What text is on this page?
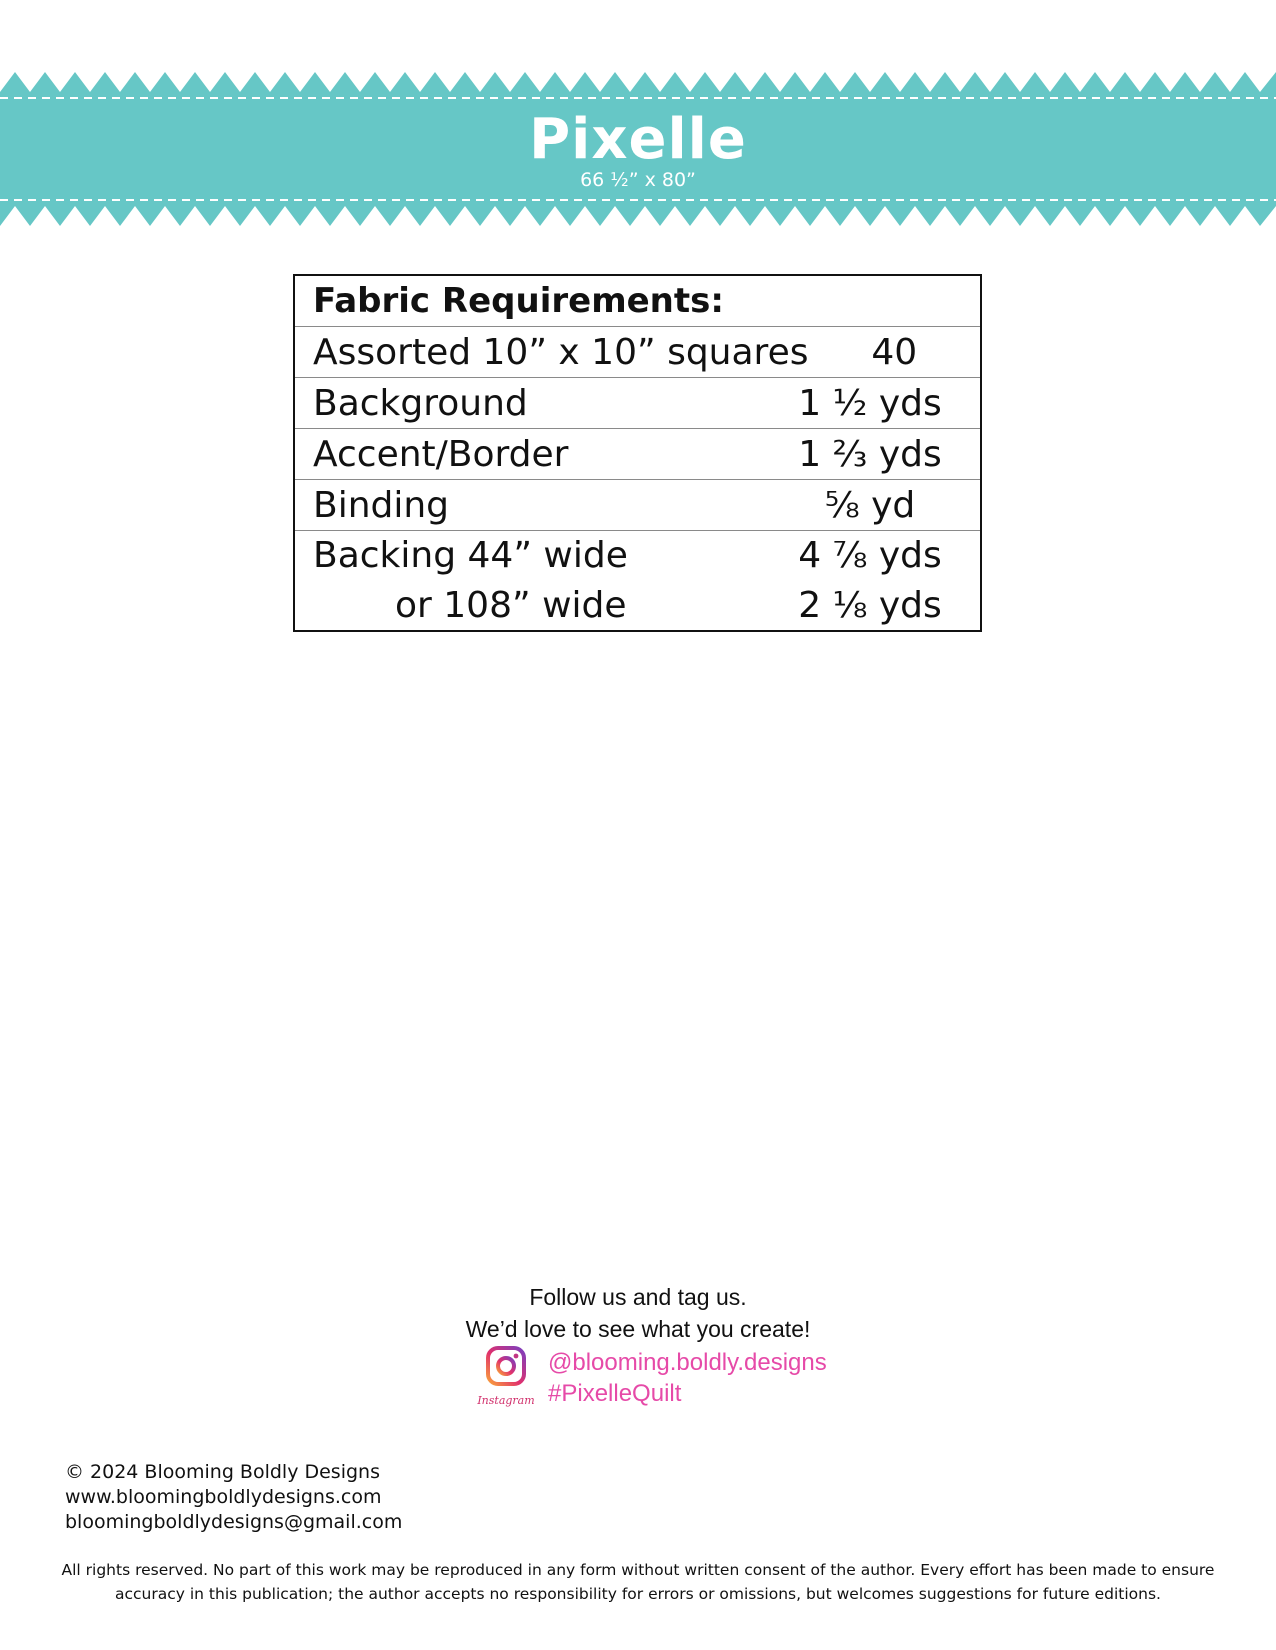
Pixelle
66 ½” x 80”
Fabric Requirements:
Assorted 10” x 10” squares	40
Background	1 ½ yds
Accent/Border	1 ⅔ yds
Binding	⅝ yd
Backing 44” wide	4 ⅞ yds
or 108” wide	2 ⅛ yds
Follow us and tag us.
We’d love to see what you create!
Instagram
@blooming.boldly.designs
#PixelleQuilt
© 2024 Blooming Boldly Designs
www.bloomingboldlydesigns.com
bloomingboldlydesigns@gmail.com
All rights reserved. No part of this work may be reproduced in any form without written consent of the author. Every effort has been made to ensure
accuracy in this publication; the author accepts no responsibility for errors or omissions, but welcomes suggestions for future editions.
